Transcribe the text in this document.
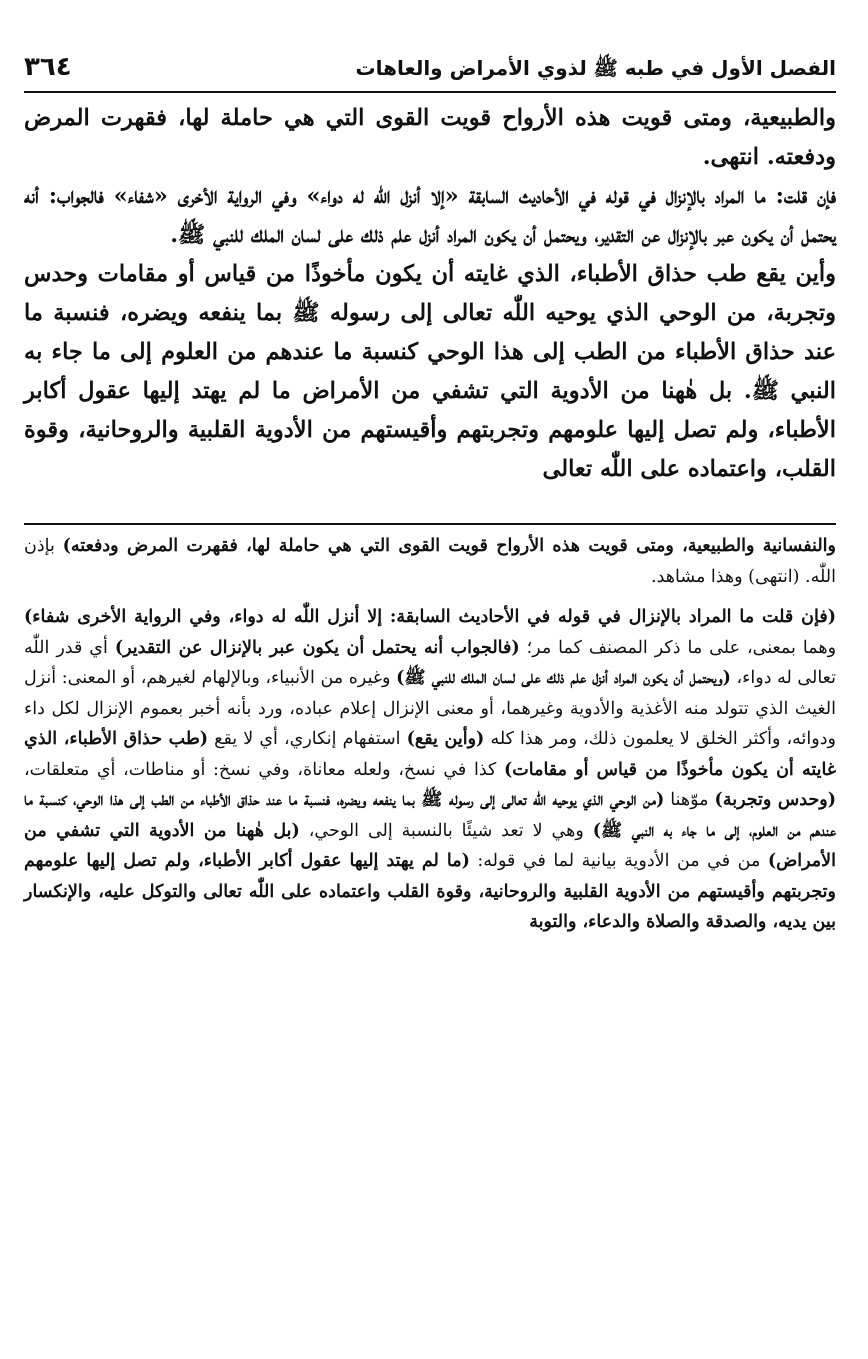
الفصل الأول في طبه ﷺ لذوي الأمراض والعاهات
٣٦٤

والطبيعية، ومتى قويت هذه الأرواح قويت القوى التي هي حاملة لها، فقهرت المرض ودفعته. انتهى.

فإن قلت: ما المراد بالإنزال في قوله في الأحاديث السابقة «إلا أنزل اللّٰه له دواء» وفي الرواية الأخرى «شفاء» فالجواب: أنه يحتمل أن يكون عبر بالإنزال عن التقدير، ويحتمل أن يكون المراد أنزل علم ذلك على لسان الملك للنبي ﷺ.

وأين يقع طب حذاق الأطباء، الذي غايته أن يكون مأخوذًا من قياس أو مقامات وحدس وتجربة، من الوحي الذي يوحيه اللّٰه تعالى إلى رسوله ﷺ بما ينفعه ويضره، فنسبة ما عند حذاق الأطباء من الطب إلى هذا الوحي كنسبة ما عندهم من العلوم إلى ما جاء به النبي ﷺ. بل هٰهنا من الأدوية التي تشفي من الأمراض ما لم يهتد إليها عقول أكابر الأطباء، ولم تصل إليها علومهم وتجربتهم وأقيستهم من الأدوية القلبية والروحانية، وقوة القلب، واعتماده على اللّٰه تعالى

والنفسانية والطبيعية، ومتى قويت هذه الأرواح قويت القوى التي هي حاملة لها، فقهرت المرض ودفعته) بإذن اللّٰه. (انتهى) وهذا مشاهد.

(فإن قلت ما المراد بالإنزال في قوله في الأحاديث السابقة: إلا أنزل اللّٰه له دواء، وفي الرواية الأخرى شفاء) وهما بمعنى، على ما ذكر المصنف كما مر؛ (فالجواب أنه يحتمل أن يكون عبر بالإنزال عن التقدير) أي قدر اللّٰه تعالى له دواء، (ويحتمل أن يكون المراد أنزل علم ذلك على لسان الملك للنبي ﷺ) وغيره من الأنبياء، وبالإلهام لغيرهم، أو المعنى: أنزل الغيث الذي تتولد منه الأغذية والأدوية وغيرهما، أو معنى الإنزال إعلام عباده، ورد بأنه أخبر بعموم الإنزال لكل داء ودوائه، وأكثر الخلق لا يعلمون ذلك، ومر هذا كله (وأين يقع) استفهام إنكاري، أي لا يقع (طب حذاق الأطباء، الذي غايته أن يكون مأخوذًا من قياس أو مقامات) كذا في نسخ، ولعله معاناة، وفي نسخ: أو مناطات، أي متعلقات، (وحدس وتجربة) موّهنا (من الوحي الذي يوحيه اللّٰه تعالى إلى رسوله ﷺ بما ينفعه ويضره، فنسبة ما عند حذاق الأطباء من الطب إلى هذا الوحي، كنسبة ما عندهم من العلوم، إلى ما جاء به النبي ﷺ) وهي لا تعد شيئًا بالنسبة إلى الوحي، (بل هٰهنا من الأدوية التي تشفي من الأمراض) من في من الأدوية بيانية لما في قوله: (ما لم يهتد إليها عقول أكابر الأطباء، ولم تصل إليها علومهم وتجربتهم وأقيستهم من الأدوية القلبية والروحانية، وقوة القلب واعتماده على اللّٰه تعالى والتوكل عليه، والإنكسار بين يديه، والصدقة والصلاة والدعاء، والتوبة
